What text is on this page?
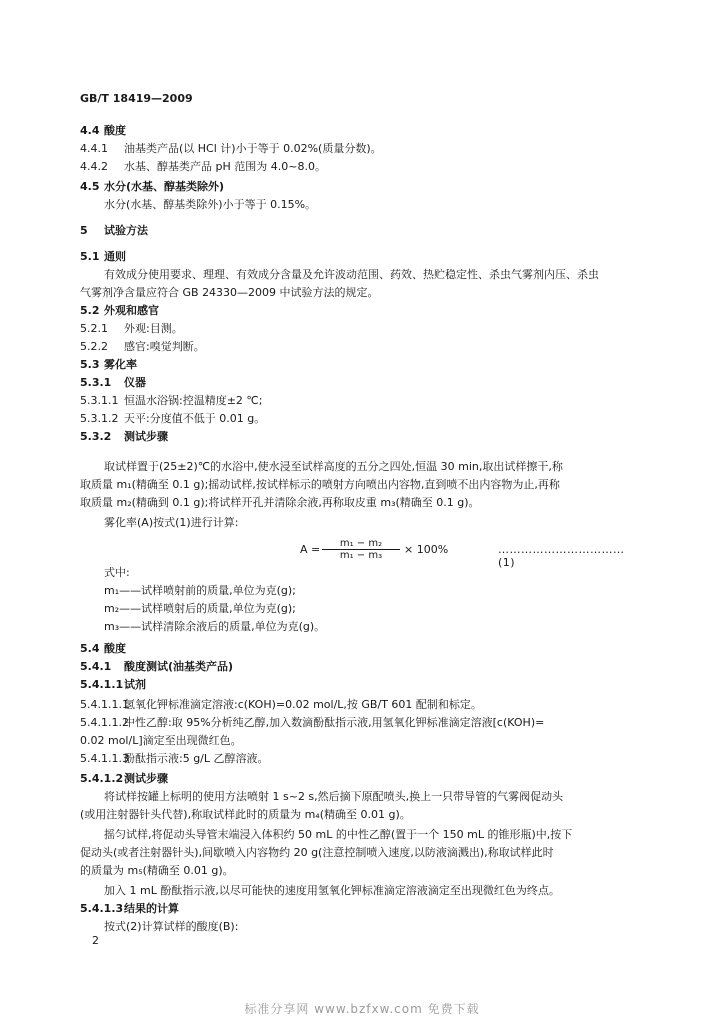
GB/T 18419—2009
4.4 酸度
4.4.1 油基类产品(以 HCl 计)小于等于 0.02%(质量分数)。
4.4.2 水基、醇基类产品 pH 范围为 4.0~8.0。
4.5 水分(水基、醇基类除外)
水分(水基、醇基类除外)小于等于 0.15%。
5 试验方法
5.1 通则
有效成分使用要求、理理、有效成分含量及允许波动范围、药效、热贮稳定性、杀虫气雾剂内压、杀虫
气雾剂净含量应符合 GB 24330—2009 中试验方法的规定。
5.2 外观和感官
5.2.1 外观:目测。
5.2.2 感官:嗅觉判断。
5.3 雾化率
5.3.1 仪器
5.3.1.1 恒温水浴锅:控温精度±2 ℃;
5.3.1.2 天平:分度值不低于 0.01 g。
5.3.2 测试步骤
取试样置于(25±2)℃的水浴中,使水浸至试样高度的五分之四处,恒温 30 min,取出试样擦干,称
取质量 m₁(精确至 0.1 g);摇动试样,按试样标示的喷射方向喷出内容物,直到喷不出内容物为止,再称
取质量 m₂(精确到 0.1 g);将试样开孔并清除余液,再称取皮重 m₃(精确至 0.1 g)。
雾化率(A)按式(1)进行计算:
式中:
m₁——试样喷射前的质量,单位为克(g);
m₂——试样喷射后的质量,单位为克(g);
m₃——试样清除余液后的质量,单位为克(g)。
5.4 酸度
5.4.1 酸度测试(油基类产品)
5.4.1.1 试剂
5.4.1.1.1
氢氧化钾标准滴定溶液:c(KOH)=0.02 mol/L,按 GB/T 601 配制和标定。
5.4.1.1.2
中性乙醇:取 95%分析纯乙醇,加入数滴酚酞指示液,用氢氧化钾标准滴定溶液[c(KOH)=
0.02 mol/L]滴定至出现微红色。
5.4.1.1.3
酚酞指示液:5 g/L 乙醇溶液。
5.4.1.2 测试步骤
将试样按罐上标明的使用方法喷射 1 s~2 s,然后摘下原配喷头,换上一只带导管的气雾阀促动头
(或用注射器针头代替),称取试样此时的质量为 m₄(精确至 0.01 g)。
摇匀试样,将促动头导管末端浸入体积约 50 mL 的中性乙醇(置于一个 150 mL 的锥形瓶)中,按下
促动头(或者注射器针头),间歇喷入内容物约 20 g(注意控制喷入速度,以防液滴溅出),称取试样此时
的质量为 m₅(精确至 0.01 g)。
加入 1 mL 酚酞指示液,以尽可能快的速度用氢氧化钾标准滴定溶液滴定至出现微红色为终点。
5.4.1.3 结果的计算
按式(2)计算试样的酸度(B):
$A = \frac{\text{m₁ − m₂}}{\text{m₁ − m₃}} \times 100\%$	……………………………(1)
2
标准分享网 www.bzfxw.com 免费下载
